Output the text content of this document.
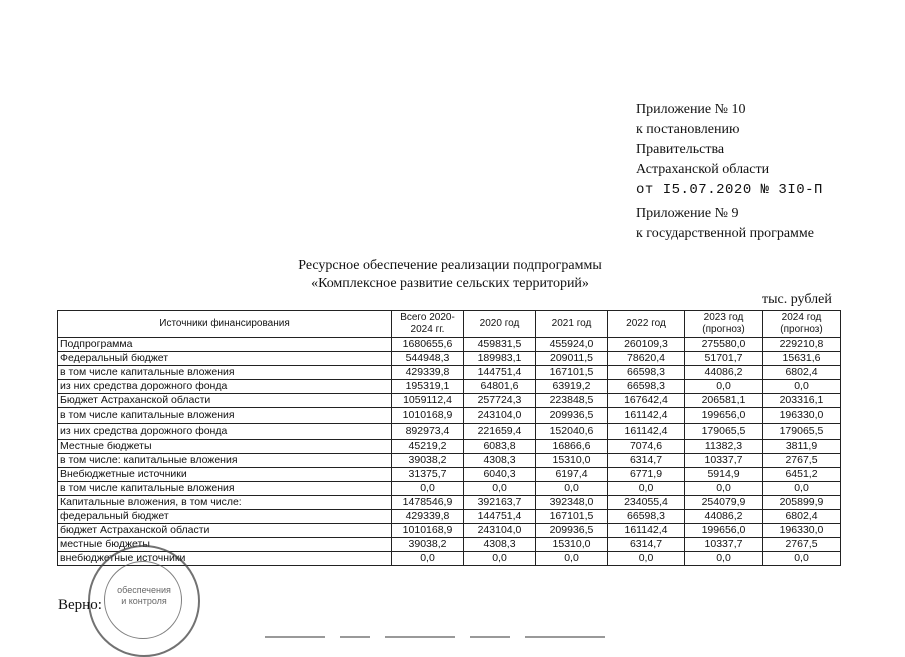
Приложение № 10
к постановлению
Правительства
Астраханской области
от I5.07.2020 № 3I0-П
Приложение № 9
к государственной программе
Ресурсное обеспечение реализации подпрограммы
«Комплексное развитие сельских территорий»
тыс. рублей
Источники финансирования	Всего 2020-2024 гг.	2020 год	2021 год	2022 год	2023 год (прогноз)	2024 год (прогноз)
Подпрограмма	1680655,6	459831,5	455924,0	260109,3	275580,0	229210,8
Федеральный бюджет	544948,3	189983,1	209011,5	78620,4	51701,7	15631,6
в том числе капитальные вложения	429339,8	144751,4	167101,5	66598,3	44086,2	6802,4
из них средства дорожного фонда	195319,1	64801,6	63919,2	66598,3	0,0	0,0
Бюджет Астраханской области	1059112,4	257724,3	223848,5	167642,4	206581,1	203316,1
в том числе капитальные вложения	1010168,9	243104,0	209936,5	161142,4	199656,0	196330,0
из них средства дорожного фонда	892973,4	221659,4	152040,6	161142,4	179065,5	179065,5
Местные бюджеты	45219,2	6083,8	16866,6	7074,6	11382,3	3811,9
в том числе: капитальные вложения	39038,2	4308,3	15310,0	6314,7	10337,7	2767,5
Внебюджетные источники	31375,7	6040,3	6197,4	6771,9	5914,9	6451,2
в том числе капитальные вложения	0,0	0,0	0,0	0,0	0,0	0,0
Капитальные вложения, в том числе:	1478546,9	392163,7	392348,0	234055,4	254079,9	205899,9
федеральный бюджет	429339,8	144751,4	167101,5	66598,3	44086,2	6802,4
бюджет Астраханской области	1010168,9	243104,0	209936,5	161142,4	199656,0	196330,0
местные бюджеты	39038,2	4308,3	15310,0	6314,7	10337,7	2767,5
внебюджетные источники	0,0	0,0	0,0	0,0	0,0	0,0
обеспечения
и контроля
Верно:
